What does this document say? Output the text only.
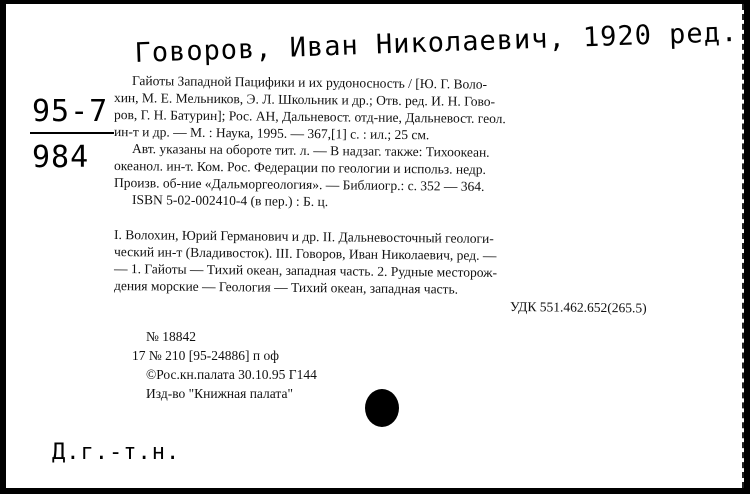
Говоров, Иван Николаевич, 1920 ред.
95-7
984
Гайоты Западной Пацифики и их рудоносность / [Ю. Г. Воло-
хин, М. Е. Мельников, Э. Л. Школьник и др.; Отв. ред. И. Н. Гово-
ров, Г. Н. Батурин]; Рос. АН, Дальневост. отд-ние, Дальневост. геол.
ин-т и др. — М. : Наука, 1995. — 367,[1] с. : ил.; 25 см.
Авт. указаны на обороте тит. л. — В надзаг. также: Тихоокеан.
океанол. ин-т. Ком. Рос. Федерации по геологии и использ. недр.
Произв. об-ние «Дальморгеология». — Библиогр.: с. 352 — 364.
ISBN 5-02-002410-4 (в пер.) : Б. ц.
I. Волохин, Юрий Германович и др. II. Дальневосточный геологи-
ческий ин-т (Владивосток). III. Говоров, Иван Николаевич, ред. —
— 1. Гайоты — Тихий океан, западная часть. 2. Рудные месторож-
дения морские — Геология — Тихий океан, западная часть.
УДК 551.462.652(265.5)
№ 18842
17 № 210 [95-24886] п оф
©Рос.кн.палата 30.10.95 Г144
Изд-во "Книжная палата"
Д.г.-т.н.
